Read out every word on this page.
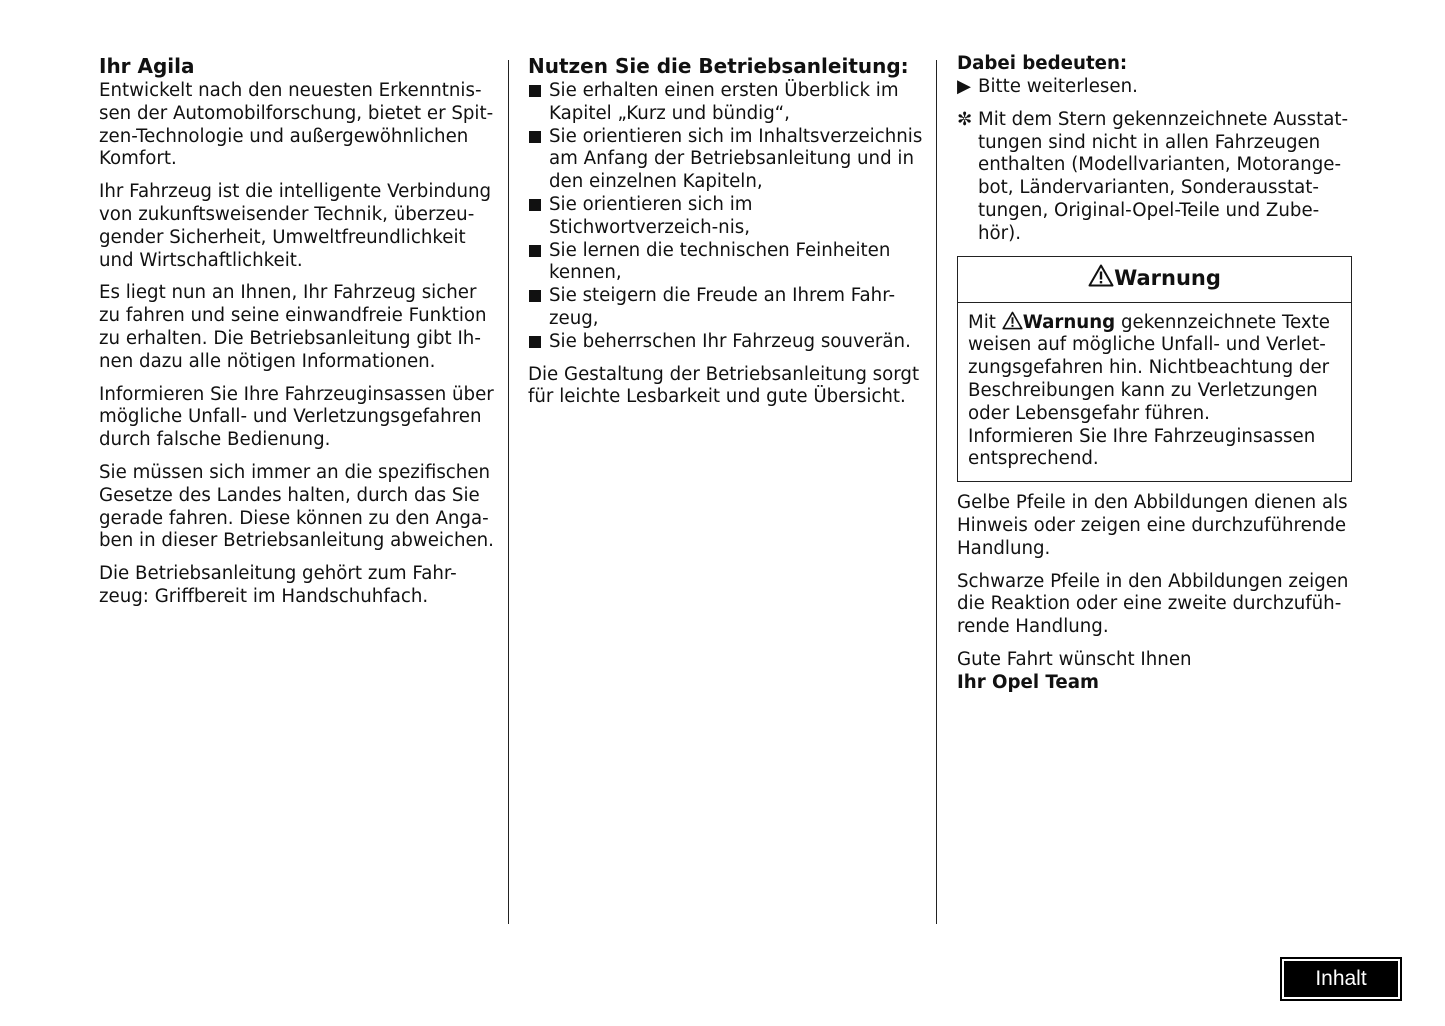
Ihr Agila

Entwickelt nach den neuesten Erkenntnis-sen der Automobilforschung, bietet er Spit-zen-Technologie und außergewöhnlichen Komfort.

Ihr Fahrzeug ist die intelligente Verbindung von zukunftsweisender Technik, überzeu-gender Sicherheit, Umweltfreundlichkeit und Wirtschaftlichkeit.

Es liegt nun an Ihnen, Ihr Fahrzeug sicher zu fahren und seine einwandfreie Funktion zu erhalten. Die Betriebsanleitung gibt Ih-nen dazu alle nötigen Informationen.

Informieren Sie Ihre Fahrzeuginsassen über mögliche Unfall- und Verletzungsgefahren durch falsche Bedienung.

Sie müssen sich immer an die spezifischen Gesetze des Landes halten, durch das Sie gerade fahren. Diese können zu den Anga-ben in dieser Betriebsanleitung abweichen.

Die Betriebsanleitung gehört zum Fahr-zeug: Griffbereit im Handschuhfach.

Nutzen Sie die Betriebsanleitung:
Sie erhalten einen ersten Überblick im Kapitel „Kurz und bündig“,
Sie orientieren sich im Inhaltsverzeichnis am Anfang der Betriebsanleitung und in den einzelnen Kapiteln,
Sie orientieren sich im Stichwortverzeich-nis,
Sie lernen die technischen Feinheiten kennen,
Sie steigern die Freude an Ihrem Fahr-zeug,
Sie beherrschen Ihr Fahrzeug souverän.

Die Gestaltung der Betriebsanleitung sorgt für leichte Lesbarkeit und gute Übersicht.

Dabei bedeuten:
▶ Bitte weiterlesen.
✼ Mit dem Stern gekennzeichnete Ausstat-tungen sind nicht in allen Fahrzeugen enthalten (Modellvarianten, Motorange-bot, Ländervarianten, Sonderausstat-tungen, Original-Opel-Teile und Zube-hör).
Warnung
Mit Warnung gekennzeichnete Texte weisen auf mögliche Unfall- und Verlet-zungsgefahren hin. Nichtbeachtung der Beschreibungen kann zu Verletzungen oder Lebensgefahr führen.
Informieren Sie Ihre Fahrzeuginsassen entsprechend.

Gelbe Pfeile in den Abbildungen dienen als Hinweis oder zeigen eine durchzuführende Handlung.

Schwarze Pfeile in den Abbildungen zeigen die Reaktion oder eine zweite durchzufüh-rende Handlung.

Gute Fahrt wünscht Ihnen

Ihr Opel Team

Inhalt
